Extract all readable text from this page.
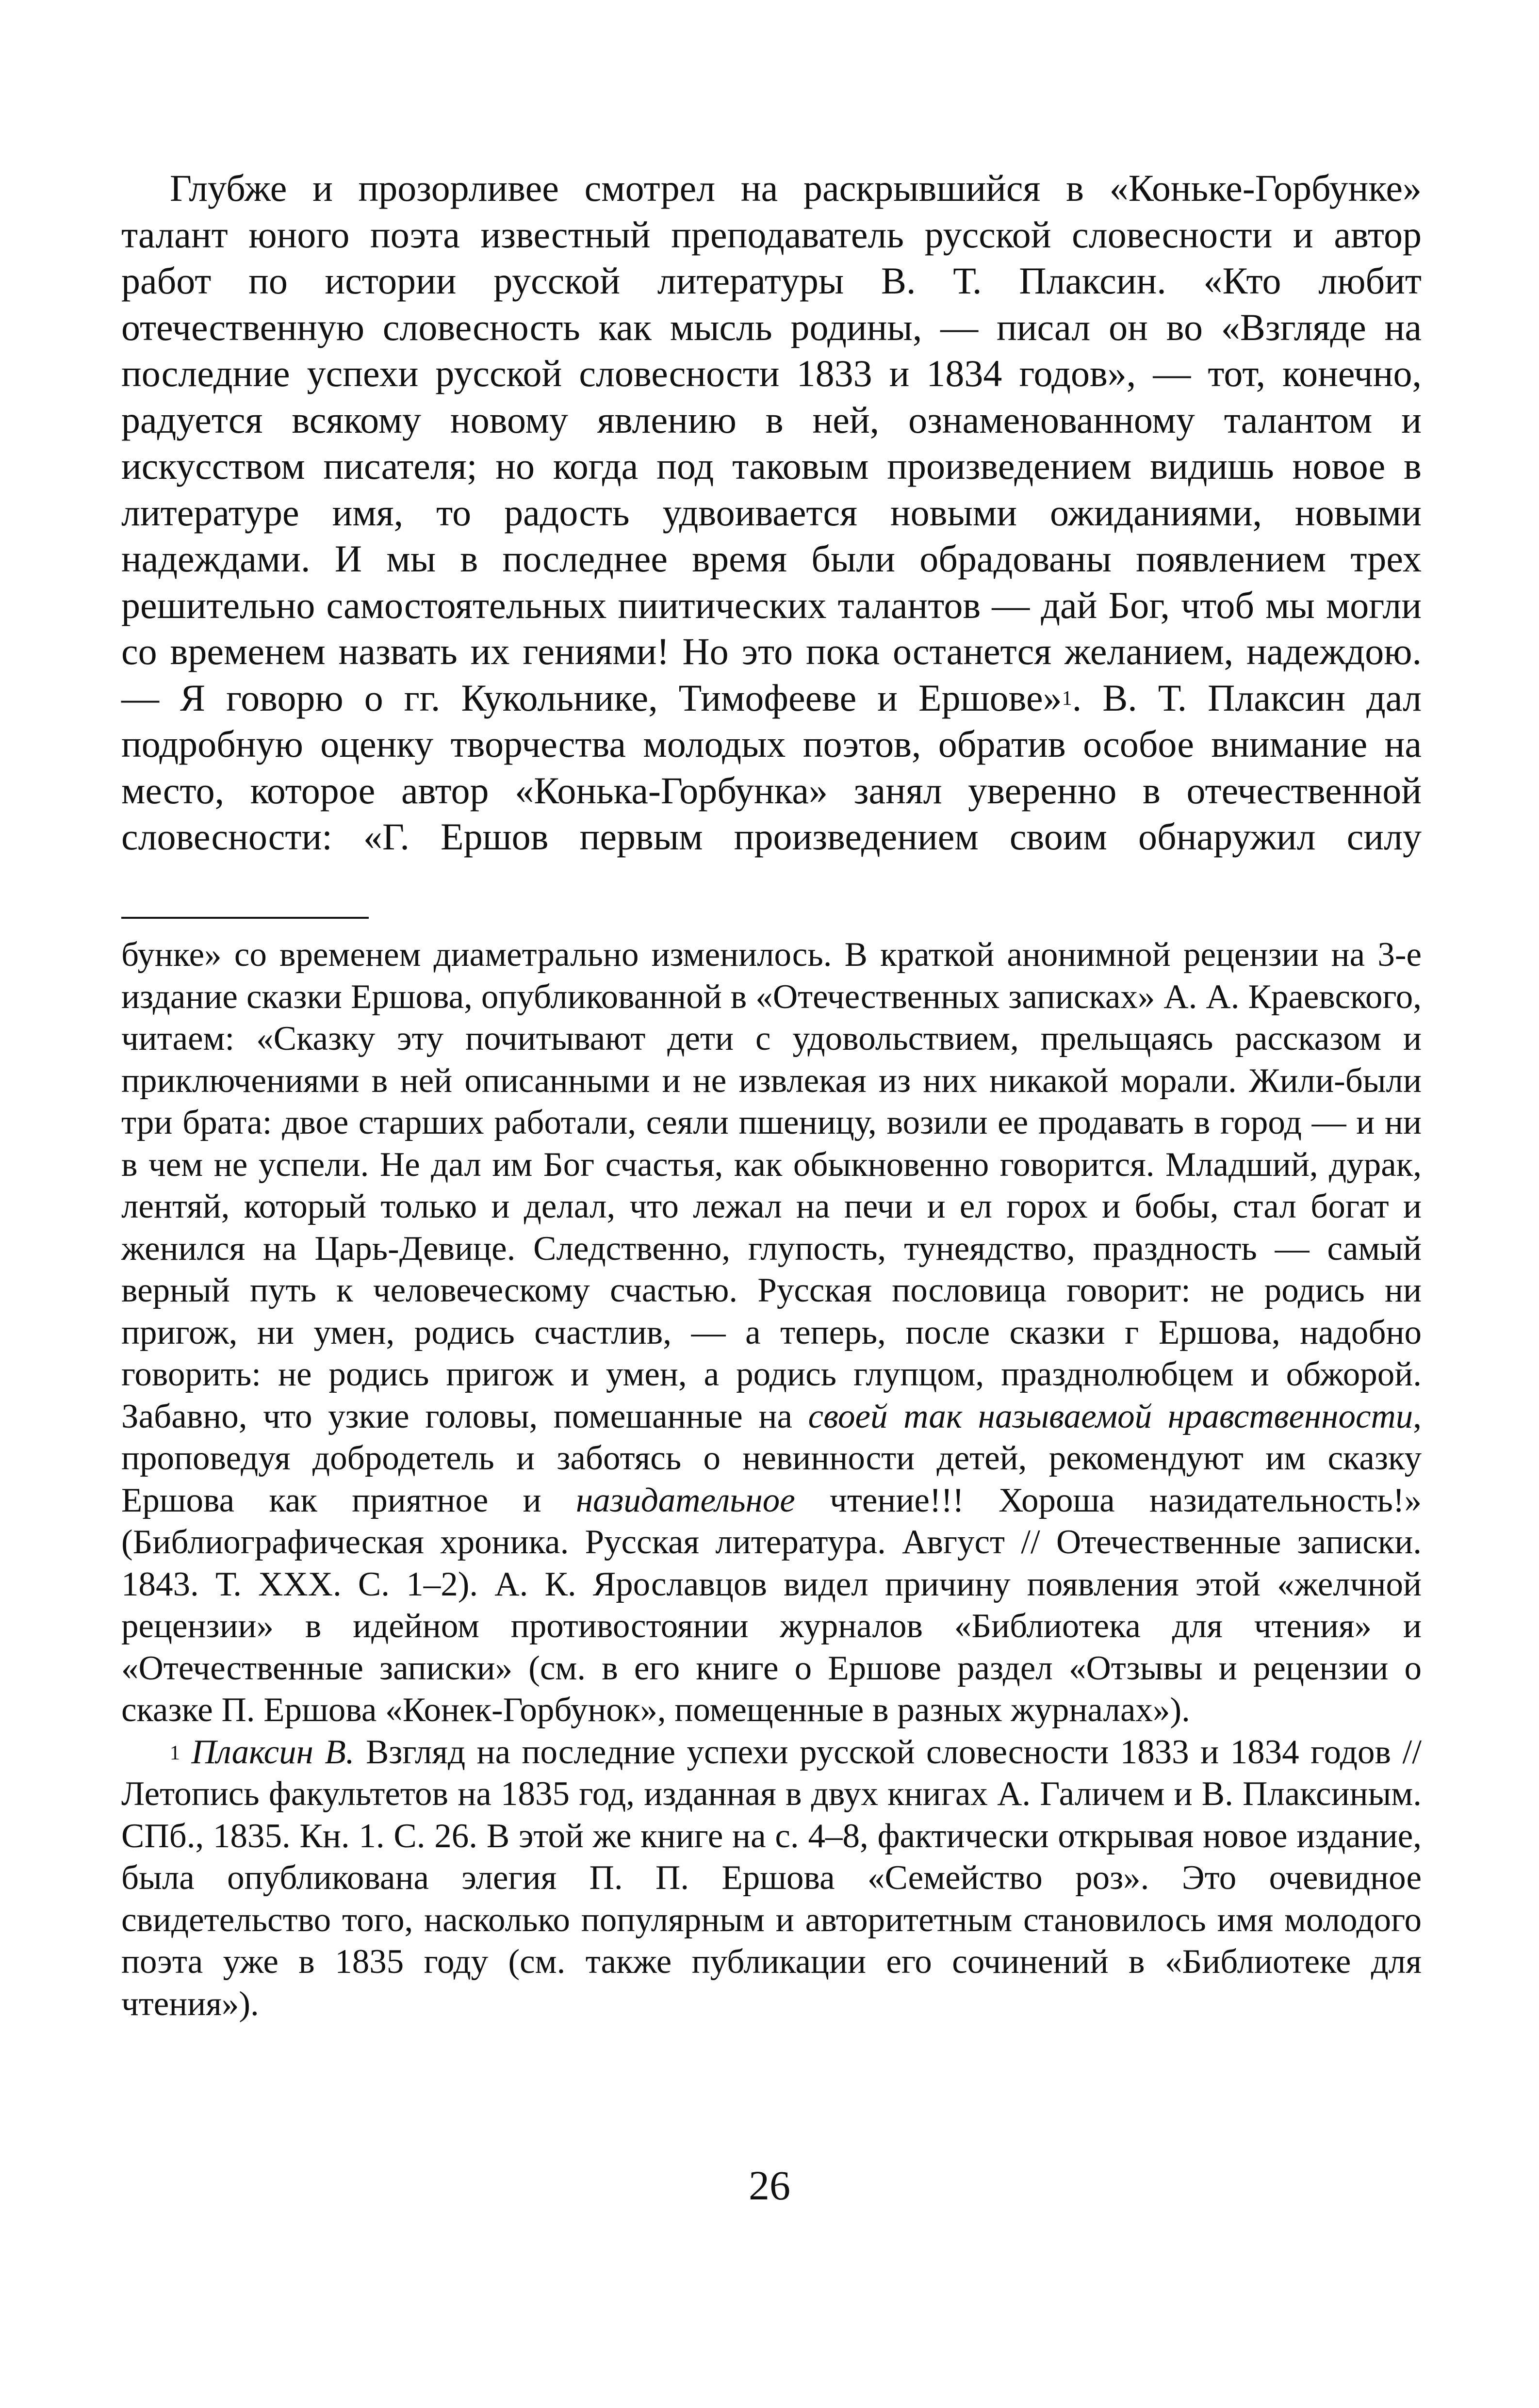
Глубже и прозорливее смотрел на раскрывшийся в «Коньке-Горбунке» талант юного поэта известный преподаватель русской словесности и автор работ по истории русской литературы В. Т. Плаксин. «Кто любит отечественную словесность как мысль родины, — писал он во «Взгляде на последние успехи русской словесности 1833 и 1834 годов», — тот, конечно, радуется всякому новому явлению в ней, ознаменованному талантом и искусством писателя; но когда под таковым произведением видишь новое в литературе имя, то радость удвоивается новыми ожиданиями, новыми надеждами. И мы в последнее время были обрадованы появлением трех решительно самостоятельных пиитических талантов — дай Бог, чтоб мы могли со временем назвать их гениями! Но это пока останется желанием, надеждою. — Я говорю о гг. Кукольнике, Тимофееве и Ершове»$^1$. В. Т. Плаксин дал подробную оценку творчества молодых поэтов, обратив особое внимание на место, которое автор «Конька-Горбунка» занял уверенно в отечественной словесности: «Г. Ершов первым произведением своим обнаружил силу

бунке» со временем диаметрально изменилось. В краткой анонимной рецензии на 3-е издание сказки Ершова, опубликованной в «Отечественных записках» А. А. Краевского, читаем: «Сказку эту почитывают дети с удовольствием, прельщаясь рассказом и приключениями в ней описанными и не извлекая из них никакой морали. Жили-были три брата: двое старших работали, сеяли пшеницу, возили ее продавать в город — и ни в чем не успели. Не дал им Бог счастья, как обыкновенно говорится. Младший, дурак, лентяй, который только и делал, что лежал на печи и ел горох и бобы, стал богат и женился на Царь-Девице. Следственно, глупость, тунеядство, праздность — самый верный путь к человеческому счастью. Русская пословица говорит: не родись ни пригож, ни умен, родись счастлив, — а теперь, после сказки г Ершова, надобно говорить: не родись пригож и умен, а родись глупцом, празднолюбцем и обжорой. Забавно, что узкие головы, помешанные на своей так называемой нравственности, проповедуя добродетель и заботясь о невинности детей, рекомендуют им сказку Ершова как приятное и назидательное чтение!!! Хороша назидательность!» (Библиографическая хроника. Русская литература. Август // Отечественные записки. 1843. Т. XXX. С. 1–2). А. К. Ярославцов видел причину появления этой «желчной рецензии» в идейном противостоянии журналов «Библиотека для чтения» и «Отечественные записки» (см. в его книге о Ершове раздел «Отзывы и рецензии о сказке П. Ершова «Конек-Горбунок», помещенные в разных журналах»).

$^1$ Плаксин В. Взгляд на последние успехи русской словесности 1833 и 1834 годов // Летопись факультетов на 1835 год, изданная в двух книгах А. Галичем и В. Плаксиным. СПб., 1835. Кн. 1. С. 26. В этой же книге на с. 4–8, фактически открывая новое издание, была опубликована элегия П. П. Ершова «Семейство роз». Это очевидное свидетельство того, насколько популярным и авторитетным становилось имя молодого поэта уже в 1835 году (см. также публикации его сочинений в «Библиотеке для чтения»).

26
